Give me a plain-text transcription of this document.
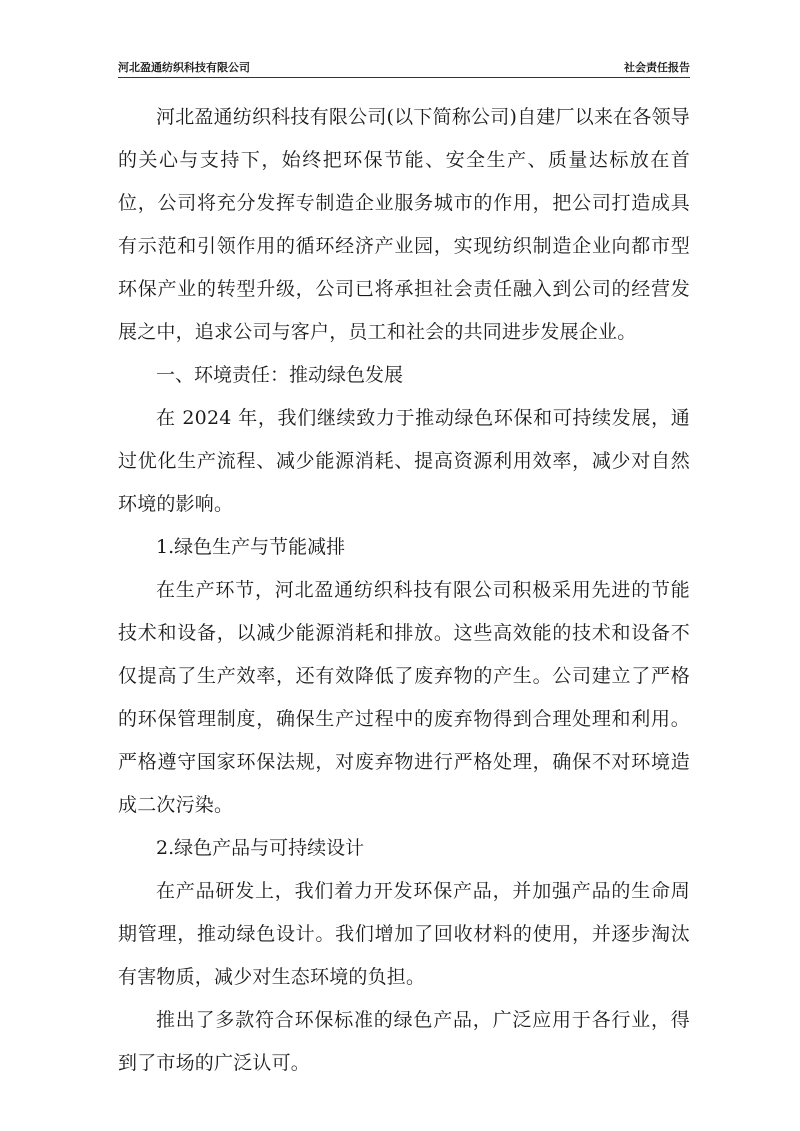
河北盈通纺织科技有限公司	社会责任报告

河北盈通纺织科技有限公司(以下简称公司)自建厂以来在各领导的关心与支持下，始终把环保节能、安全生产、质量达标放在首位，公司将充分发挥专制造企业服务城市的作用，把公司打造成具有示范和引领作用的循环经济产业园，实现纺织制造企业向都市型环保产业的转型升级，公司已将承担社会责任融入到公司的经营发展之中，追求公司与客户，员工和社会的共同进步发展企业。

一、环境责任：推动绿色发展

在 2024 年，我们继续致力于推动绿色环保和可持续发展，通过优化生产流程、减少能源消耗、提高资源利用效率，减少对自然环境的影响。

1.绿色生产与节能减排

在生产环节，河北盈通纺织科技有限公司积极采用先进的节能技术和设备，以减少能源消耗和排放。这些高效能的技术和设备不仅提高了生产效率，还有效降低了废弃物的产生。公司建立了严格的环保管理制度，确保生产过程中的废弃物得到合理处理和利用。严格遵守国家环保法规，对废弃物进行严格处理，确保不对环境造成二次污染。

2.绿色产品与可持续设计

在产品研发上，我们着力开发环保产品，并加强产品的生命周期管理，推动绿色设计。我们增加了回收材料的使用，并逐步淘汰有害物质，减少对生态环境的负担。

推出了多款符合环保标准的绿色产品，广泛应用于各行业，得到了市场的广泛认可。
